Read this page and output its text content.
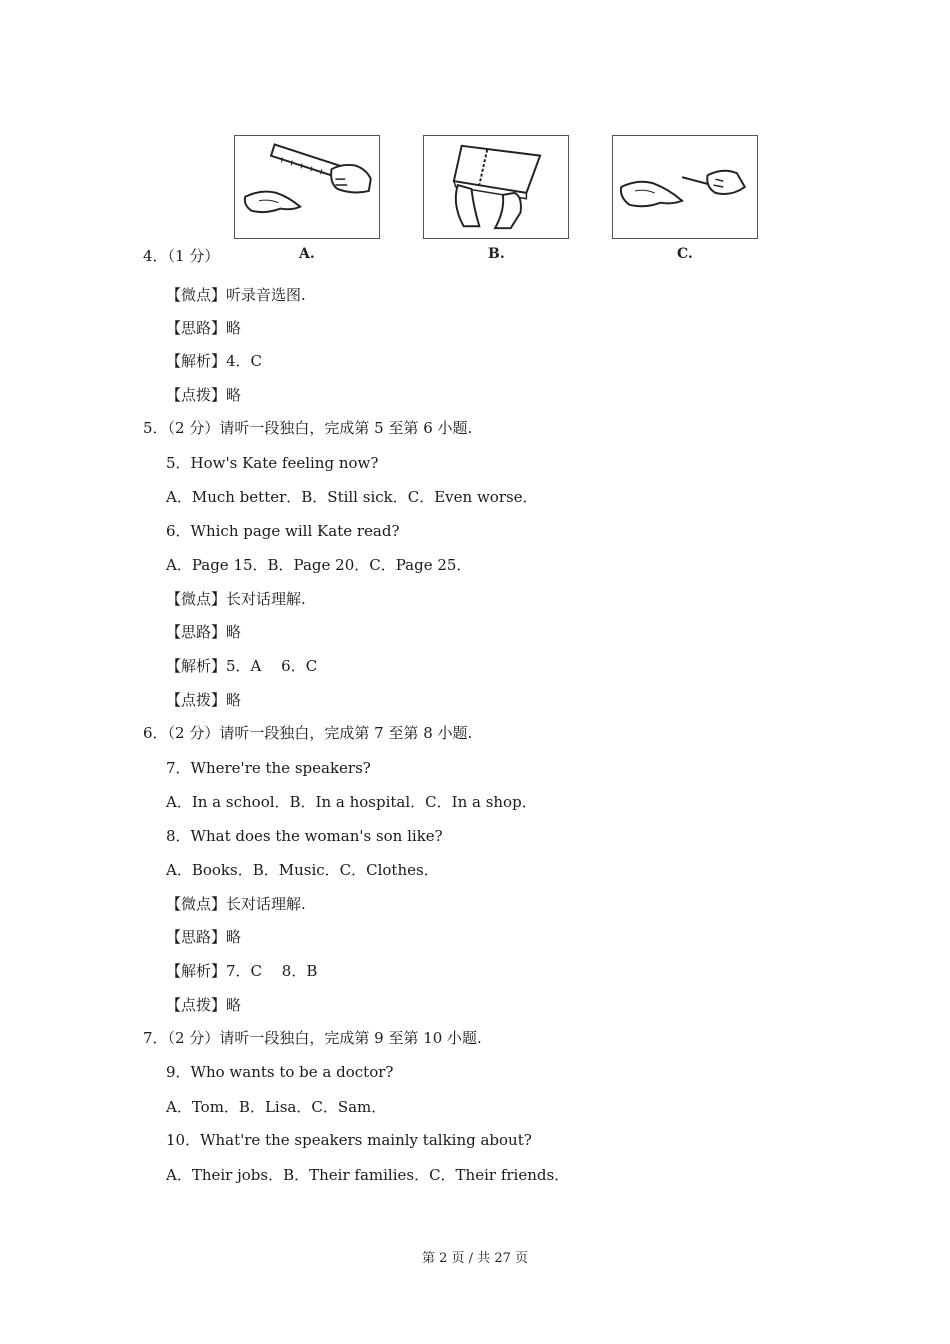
A.	B.	C.
4．（1 分）
【微点】听录音选图.
【思路】略
【解析】4．C
【点拨】略
5．（2 分）请听一段独白，完成第 5 至第 6 小题.
5．How's Kate feeling now?
A．Much better．B．Still sick．C．Even worse．
6．Which page will Kate read?
A．Page 15．B．Page 20．C．Page 25．
【微点】长对话理解.
【思路】略
【解析】5．A　 6．C
【点拨】略
6．（2 分）请听一段独白，完成第 7 至第 8 小题.
7．Where're the speakers?
A．In a school．B．In a hospital．C．In a shop．
8．What does the woman's son like?
A．Books．B．Music．C．Clothes．
【微点】长对话理解.
【思路】略
【解析】7．C　 8．B
【点拨】略
7．（2 分）请听一段独白，完成第 9 至第 10 小题.
9．Who wants to be a doctor?
A．Tom．B．Lisa．C．Sam．
10．What're the speakers mainly talking about?
A．Their jobs．B．Their families．C．Their friends．
第 2 页 / 共 27 页
